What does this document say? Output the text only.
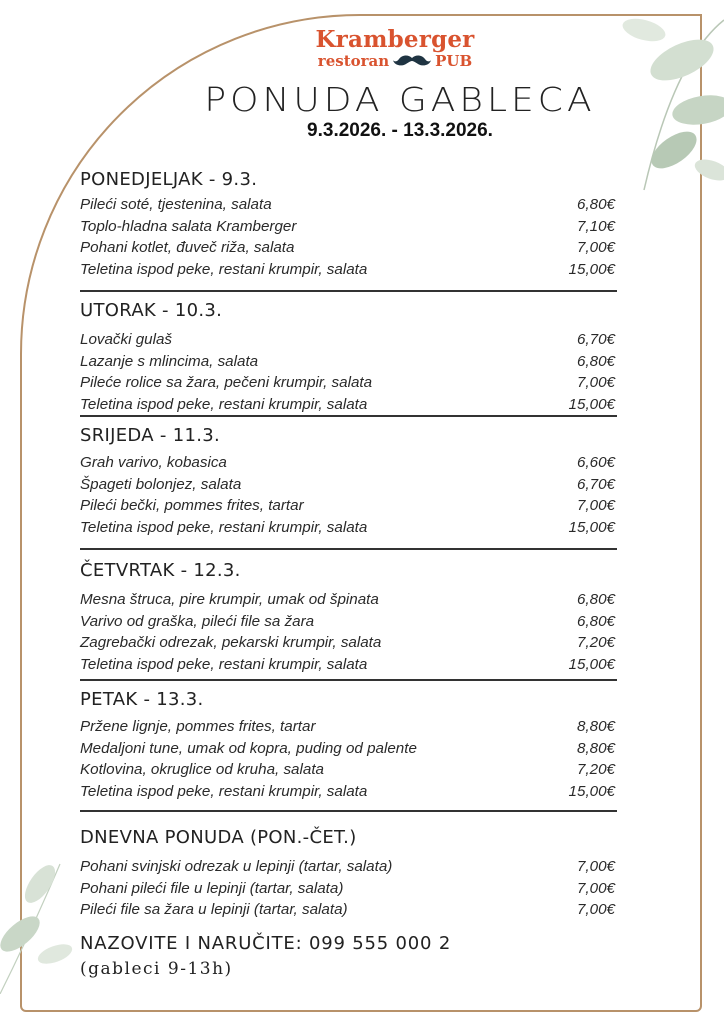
Kramberger
restoran	PUB
PONUDA GABLECA
9.3.2026. - 13.3.2026.
PONEDJELJAK - 9.3.
Pileći soté, tjestenina, salata	6,80€
Toplo-hladna salata Kramberger	7,10€
Pohani kotlet, đuveč riža, salata	7,00€
Teletina ispod peke, restani krumpir, salata	15,00€
UTORAK - 10.3.
Lovački gulaš	6,70€
Lazanje s mlincima, salata	6,80€
Pileće rolice sa žara, pečeni krumpir, salata	7,00€
Teletina ispod peke, restani krumpir, salata	15,00€
SRIJEDA - 11.3.
Grah varivo, kobasica	6,60€
Špageti bolonjez, salata	6,70€
Pileći bečki, pommes frites, tartar	7,00€
Teletina ispod peke, restani krumpir, salata	15,00€
ČETVRTAK - 12.3.
Mesna štruca, pire krumpir, umak od špinata	6,80€
Varivo od graška, pileći file sa žara	6,80€
Zagrebački odrezak, pekarski krumpir, salata	7,20€
Teletina ispod peke, restani krumpir, salata	15,00€
PETAK - 13.3.
Pržene lignje, pommes frites, tartar	8,80€
Medaljoni tune, umak od kopra, puding od palente	8,80€
Kotlovina, okruglice od kruha, salata	7,20€
Teletina ispod peke, restani krumpir, salata	15,00€
DNEVNA PONUDA (PON.-ČET.)
Pohani svinjski odrezak u lepinji (tartar, salata)	7,00€
Pohani pileći file u lepinji (tartar, salata)	7,00€
Pileći file sa žara u lepinji (tartar, salata)	7,00€
NAZOVITE I NARUČITE: 099 555 000 2
(gableci 9-13h)
